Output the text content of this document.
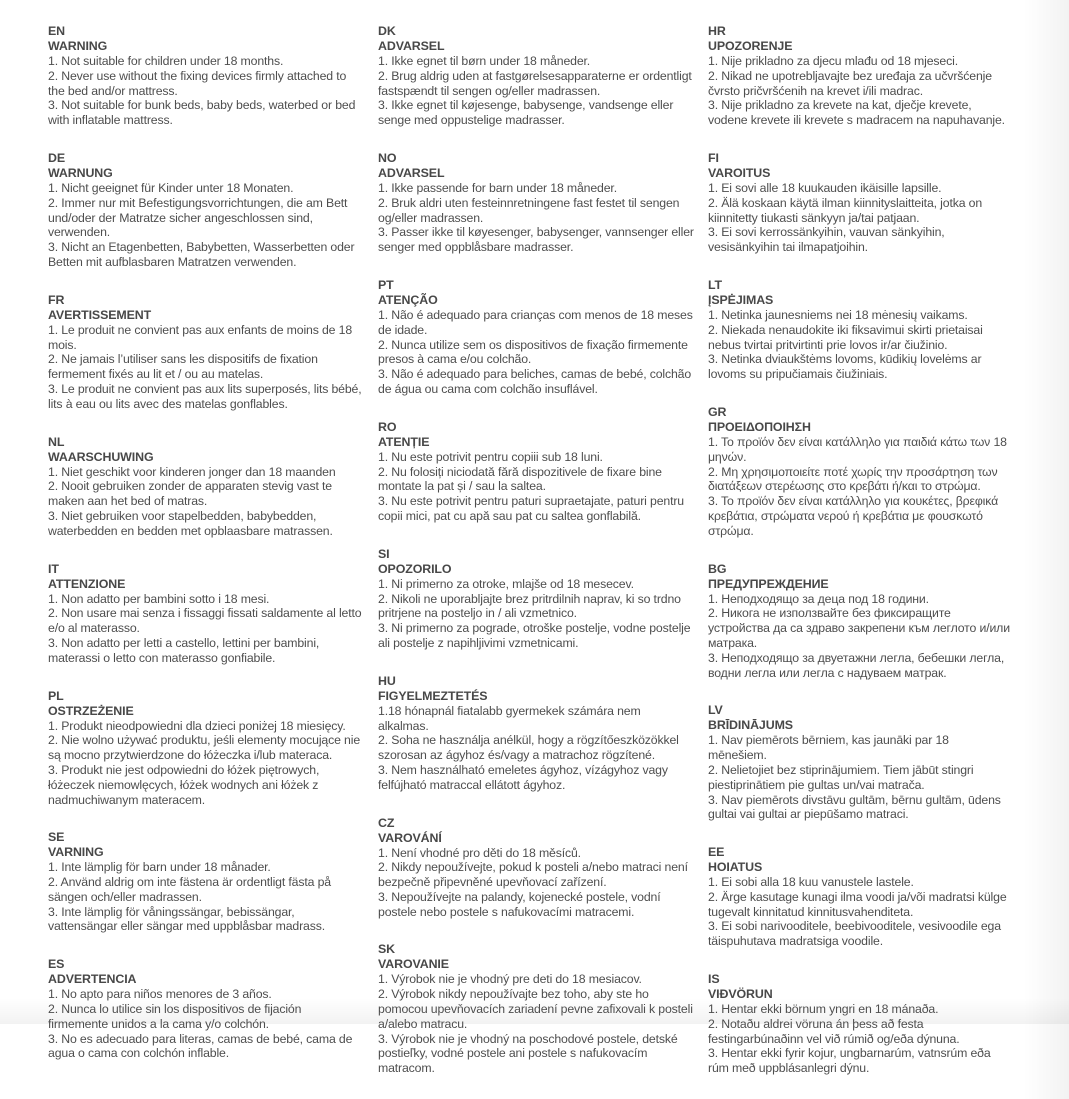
EN
WARNING
1. Not suitable for children under 18 months.
2. Never use without the fixing devices firmly attached to the bed and/or mattress.
3. Not suitable for bunk beds, baby beds, waterbed or bed with inflatable mattress.
DE
WARNUNG
1. Nicht geeignet für Kinder unter 18 Monaten.
2. Immer nur mit Befestigungsvorrichtungen, die am Bett und/oder der Matratze sicher angeschlossen sind, verwenden.
3. Nicht an Etagenbetten, Babybetten, Wasserbetten oder Betten mit aufblasbaren Matratzen verwenden.
FR
AVERTISSEMENT
1. Le produit ne convient pas aux enfants de moins de 18 mois.
2. Ne jamais l’utiliser sans les dispositifs de fixation fermement fixés au lit et / ou au matelas.
3. Le produit ne convient pas aux lits superposés, lits bébé, lits à eau ou lits avec des matelas gonflables.
NL
WAARSCHUWING
1. Niet geschikt voor kinderen jonger dan 18 maanden
2. Nooit gebruiken zonder de apparaten stevig vast te maken aan het bed of matras.
3. Niet gebruiken voor stapelbedden, babybedden, waterbedden en bedden met opblaasbare matrassen.
IT
ATTENZIONE
1. Non adatto per bambini sotto i 18 mesi.
2. Non usare mai senza i fissaggi fissati saldamente al letto e/o al materasso.
3. Non adatto per letti a castello, lettini per bambini, materassi o letto con materasso gonfiabile.
PL
OSTRZEŻENIE
1. Produkt nieodpowiedni dla dzieci poniżej 18 miesięcy.
2. Nie wolno używać produktu, jeśli elementy mocujące nie są mocno przytwierdzone do łóżeczka i/lub materaca.
3. Produkt nie jest odpowiedni do łóżek piętrowych, łóżeczek niemowlęcych, łóżek wodnych ani łóżek z nadmuchiwanym materacem.
SE
VARNING
1. Inte lämplig för barn under 18 månader.
2. Använd aldrig om inte fästena är ordentligt fästa på sängen och/eller madrassen.
3. Inte lämplig för våningssängar, bebissängar, vattensängar eller sängar med uppblåsbar madrass.
ES
ADVERTENCIA
1. No apto para niños menores de 3 años.
2. Nunca lo utilice sin los dispositivos de fijación firmemente unidos a la cama y/o colchón.
3. No es adecuado para literas, camas de bebé, cama de agua o cama con colchón inflable.
DK
ADVARSEL
1. Ikke egnet til børn under 18 måneder.
2. Brug aldrig uden at fastgørelsesapparaterne er ordentligt fastspændt til sengen og/eller madrassen.
3. Ikke egnet til køjesenge, babysenge, vandsenge eller senge med oppustelige madrasser.
NO
ADVARSEL
1. Ikke passende for barn under 18 måneder.
2. Bruk aldri uten festeinnretningene fast festet til sengen og/eller madrassen.
3. Passer ikke til køyesenger, babysenger, vannsenger eller senger med oppblåsbare madrasser.
PT
ATENÇÃO
1. Não é adequado para crianças com menos de 18 meses de idade.
2. Nunca utilize sem os dispositivos de fixação firmemente presos à cama e/ou colchão.
3. Não é adequado para beliches, camas de bebé, colchão de água ou cama com colchão insuflável.
RO
ATENȚIE
1. Nu este potrivit pentru copiii sub 18 luni.
2. Nu folosiți niciodată fără dispozitivele de fixare bine montate la pat și / sau la saltea.
3. Nu este potrivit pentru paturi supraetajate, paturi pentru copii mici, pat cu apă sau pat cu saltea gonflabilă.
SI
OPOZORILO
1. Ni primerno za otroke, mlajše od 18 mesecev.
2. Nikoli ne uporabljajte brez pritrdilnih naprav, ki so trdno pritrjene na posteljo in / ali vzmetnico.
3. Ni primerno za pograde, otroške postelje, vodne postelje ali postelje z napihljivimi vzmetnicami.
HU
FIGYELMEZTETÉS
1.18 hónapnál fiatalabb gyermekek számára nem alkalmas.
2. Soha ne használja anélkül, hogy a rögzítőeszközökkel szorosan az ágyhoz és/vagy a matrachoz rögzítené.
3. Nem használható emeletes ágyhoz, vízágyhoz vagy felfújható matraccal ellátott ágyhoz.
CZ
VAROVÁNÍ
1. Není vhodné pro děti do 18 měsíců.
2. Nikdy nepoužívejte, pokud k posteli a/nebo matraci není bezpečně připevněné upevňovací zařízení.
3. Nepoužívejte na palandy, kojenecké postele, vodní postele nebo postele s nafukovacími matracemi.
SK
VAROVANIE
1. Výrobok nie je vhodný pre deti do 18 mesiacov.
2. Výrobok nikdy nepoužívajte bez toho, aby ste ho pomocou upevňovacích zariadení pevne zafixovali k posteli a/alebo matracu.
3. Výrobok nie je vhodný na poschodové postele, detské postieľky, vodné postele ani postele s nafukovacím matracom.
HR
UPOZORENJE
1. Nije prikladno za djecu mlađu od 18 mjeseci.
2. Nikad ne upotrebljavajte bez uređaja za učvršćenje čvrsto pričvršćenih na krevet i/ili madrac.
3. Nije prikladno za krevete na kat, dječje krevete, vodene krevete ili krevete s madracem na napuhavanje.
FI
VAROITUS
1. Ei sovi alle 18 kuukauden ikäisille lapsille.
2. Älä koskaan käytä ilman kiinnityslaitteita, jotka on kiinnitetty tiukasti sänkyyn ja/tai patjaan.
3. Ei sovi kerrossänkyihin, vauvan sänkyihin, vesisänkyihin tai ilmapatjoihin.
LT
ĮSPĖJIMAS
1. Netinka jaunesniems nei 18 mėnesių vaikams.
2. Niekada nenaudokite iki fiksavimui skirti prietaisai nebus tvirtai pritvirtinti prie lovos ir/ar čiužinio.
3. Netinka dviaukštėms lovoms, kūdikių lovelėms ar lovoms su pripučiamais čiužiniais.
GR
ΠΡΟΕΙΔΟΠΟΙΗΣΗ
1. Το προϊόν δεν είναι κατάλληλο για παιδιά κάτω των 18 μηνών.
2. Μη χρησιμοποιείτε ποτέ χωρίς την προσάρτηση των διατάξεων στερέωσης στο κρεβάτι ή/και το στρώμα.
3. Το προϊόν δεν είναι κατάλληλο για κουκέτες, βρεφικά κρεβάτια, στρώματα νερού ή κρεβάτια με φουσκωτό στρώμα.
BG
ПРЕДУПРЕЖДЕНИЕ
1. Неподходящо за деца под 18 години.
2. Никога не използвайте без фиксиращите устройства да са здраво закрепени към леглото и/или матрака.
3. Неподходящо за двуетажни легла, бебешки легла, водни легла или легла с надуваем матрак.
LV
BRĪDINĀJUMS
1. Nav piemērots bērniem, kas jaunāki par 18 mēnešiem.
2. Nelietojiet bez stiprinājumiem. Tiem jābūt stingri piestiprinātiem pie gultas un/vai matrača.
3. Nav piemērots divstāvu gultām, bērnu gultām, ūdens gultai vai gultai ar piepūšamo matraci.
EE
HOIATUS
1. Ei sobi alla 18 kuu vanustele lastele.
2. Ärge kasutage kunagi ilma voodi ja/või madratsi külge tugevalt kinnitatud kinnitusvahenditeta.
3. Ei sobi narivooditele, beebivooditele, vesivoodile ega täispuhutava madratsiga voodile.
IS
VIÐVÖRUN
1. Hentar ekki börnum yngri en 18 mánaða.
2. Notaðu aldrei vöruna án þess að festa festingarbúnaðinn vel við rúmið og/eða dýnuna.
3. Hentar ekki fyrir kojur, ungbarnarúm, vatnsrúm eða rúm með uppblásanlegri dýnu.
